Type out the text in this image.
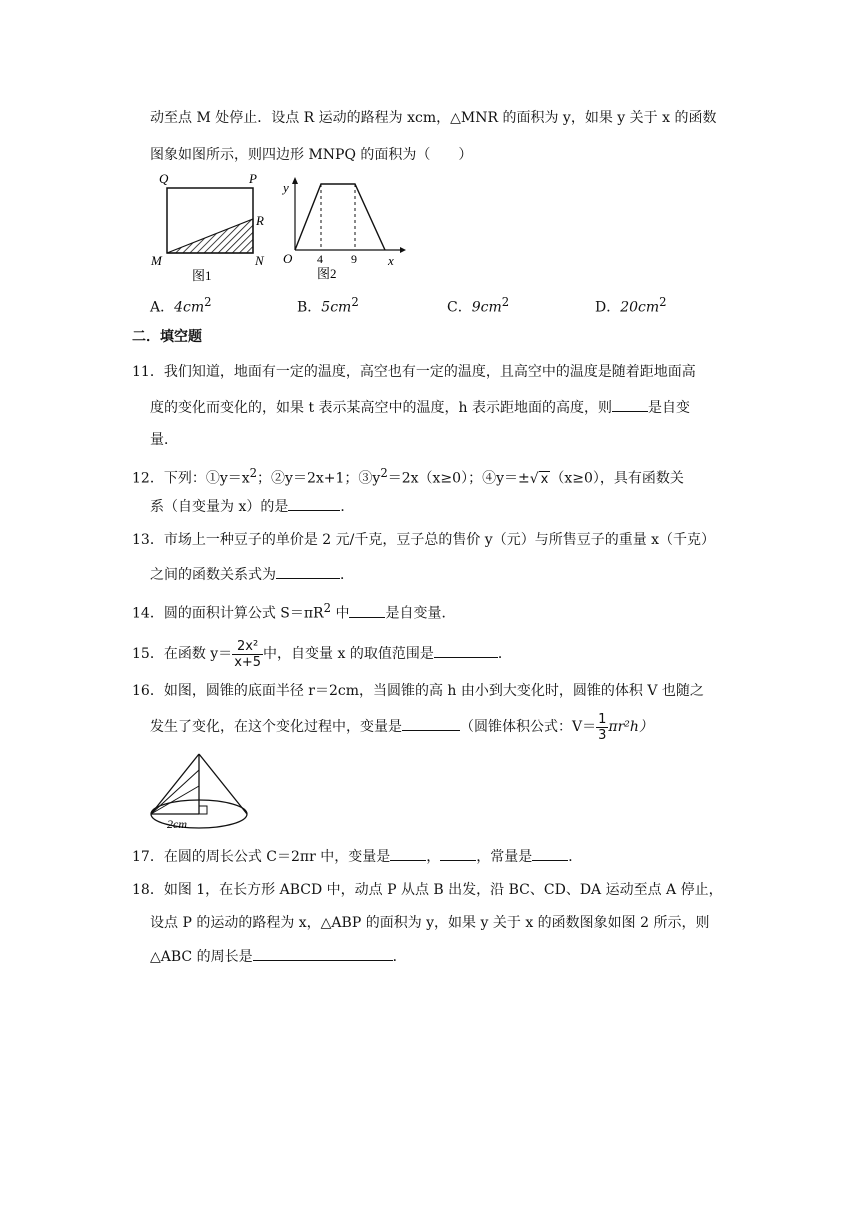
动至点 M 处停止．设点 R 运动的路程为 xcm，△MNR 的面积为 y，如果 y 关于 x 的函数
图象如图所示，则四边形 MNPQ 的面积为（　　）
Q	P
R
M	N
图1
y
O 4 9 x
图2
A．$4cm^2$	B．$5cm^2$	C．$9cm^2$	D．$20cm^2$
二．填空题
11．我们知道，地面有一定的温度，高空也有一定的温度，且高空中的温度是随着距地面高
度的变化而变化的，如果 t 表示某高空中的温度，h 表示距地面的高度，则	是自变
量．
12．下列：$①y=x^2$；②y＝2x+1；$③y^2=2x(x\ge 0)$；④y＝±√ x （x≥0），具有函数关
系（自变量为 x）的是	．
13．市场上一种豆子的单价是 2 元/千克，豆子总的售价 y（元）与所售豆子的重量 x（千克）
之间的函数关系式为	．
14．圆的面积计算公式 $S=\pi R^2$ 中	是自变量．
15．在函数 $y= \frac{\text{2x²}}{x+5}$ 中，自变量 x 的取值范围是	．
16．如图，圆锥的底面半径 r＝2cm，当圆锥的高 h 由小到大变化时，圆锥的体积 V 也随之
发生了变化，在这个变化过程中，变量是	（圆锥体积公式：$V= \frac{1}{3} \pi r^2h$）
2cm
17．在圆的周长公式 C＝2πr 中，变量是	，	，常量是	．
18．如图 1，在长方形 ABCD 中，动点 P 从点 B 出发，沿 BC、CD、DA 运动至点 A 停止，
设点 P 的运动的路程为 x，△ABP 的面积为 y，如果 y 关于 x 的函数图象如图 2 所示，则
△ABC 的周长是	．
